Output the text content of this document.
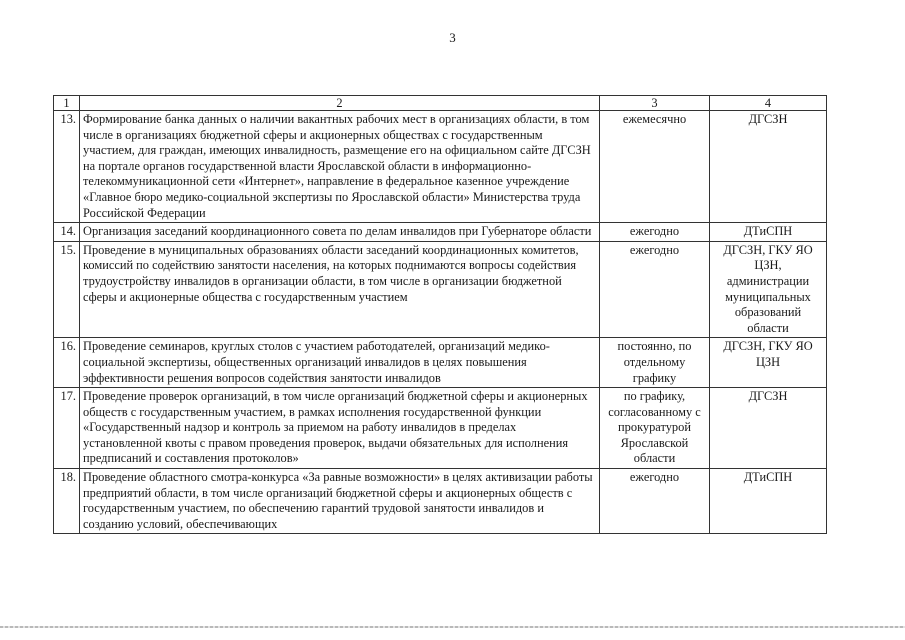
3
1	2	3	4
13.	Формирование банка данных о наличии вакантных рабочих мест в организациях области, в том числе в организациях бюджетной сферы и акционерных обществах с государственным участием, для граждан, имеющих инвалидность, размещение его на официальном сайте ДГСЗН на портале органов государственной власти Ярославской области в информационно-телекоммуникационной сети «Интернет», направление в федеральное казенное учреждение «Главное бюро медико-социальной экспертизы по Ярославской области» Министерства труда Российской Федерации	ежемесячно	ДГСЗН
14.	Организация заседаний координационного совета по делам инвалидов при Губернаторе области	ежегодно	ДТиСПН
15.	Проведение в муниципальных образованиях области заседаний координационных комитетов, комиссий по содействию занятости населения, на которых поднимаются вопросы содействия трудоустройству инвалидов в организации области, в том числе в организации бюджетной сферы и акционерные общества с государственным участием	ежегодно	ДГСЗН, ГКУ ЯО ЦЗН, администрации муниципальных образований области
16.	Проведение семинаров, круглых столов с участием работодателей, организаций медико-социальной экспертизы, общественных организаций инвалидов в целях повышения эффективности решения вопросов содействия занятости инвалидов	постоянно, по отдельному графику	ДГСЗН, ГКУ ЯО ЦЗН
17.	Проведение проверок организаций, в том числе организаций бюджетной сферы и акционерных обществ с государственным участием, в рамках исполнения государственной функции «Государственный надзор и контроль за приемом на работу инвалидов в пределах установленной квоты с правом проведения проверок, выдачи обязательных для исполнения предписаний и составления протоколов»	по графику, согласованному с прокуратурой Ярославской области	ДГСЗН
18.	Проведение областного смотра-конкурса «За равные возможности» в целях активизации работы предприятий области, в том числе организаций бюджетной сферы и акционерных обществ с государственным участием, по обеспечению гарантий трудовой занятости инвалидов и созданию условий, обеспечивающих	ежегодно	ДТиСПН
